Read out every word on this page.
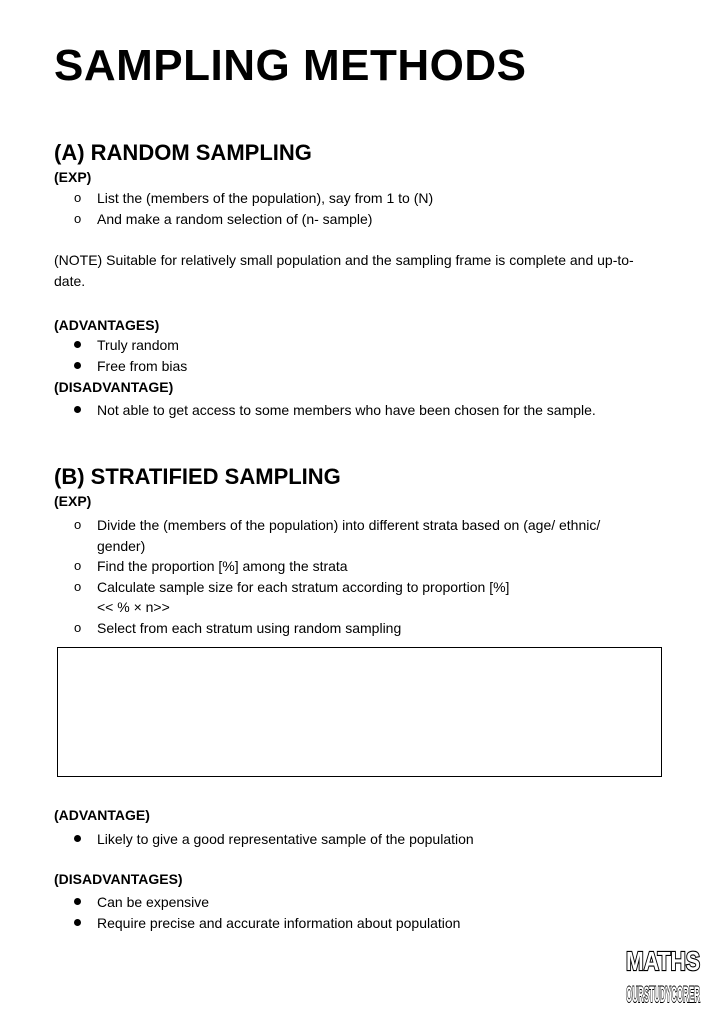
SAMPLING METHODS
(A) RANDOM SAMPLING
(EXP)
o List the (members of the population), say from 1 to (N)
o And make a random selection of (n- sample)

(NOTE) Suitable for relatively small population and the sampling frame is complete and up-to-date.

(ADVANTAGES)
Truly random
Free from bias
(DISADVANTAGE)
Not able to get access to some members who have been chosen for the sample.
(B) STRATIFIED SAMPLING
(EXP)
o Divide the (members of the population) into different strata based on (age/ ethnic/ gender)
o Find the proportion [%] among the strata
o Calculate sample size for each stratum according to proportion [%]
<< % × n>>
o Select from each stratum using random sampling
(ADVANTAGE)
Likely to give a good representative sample of the population
(DISADVANTAGES)
Can be expensive
Require precise and accurate information about population
MATHS
OURSTUDYCORER
